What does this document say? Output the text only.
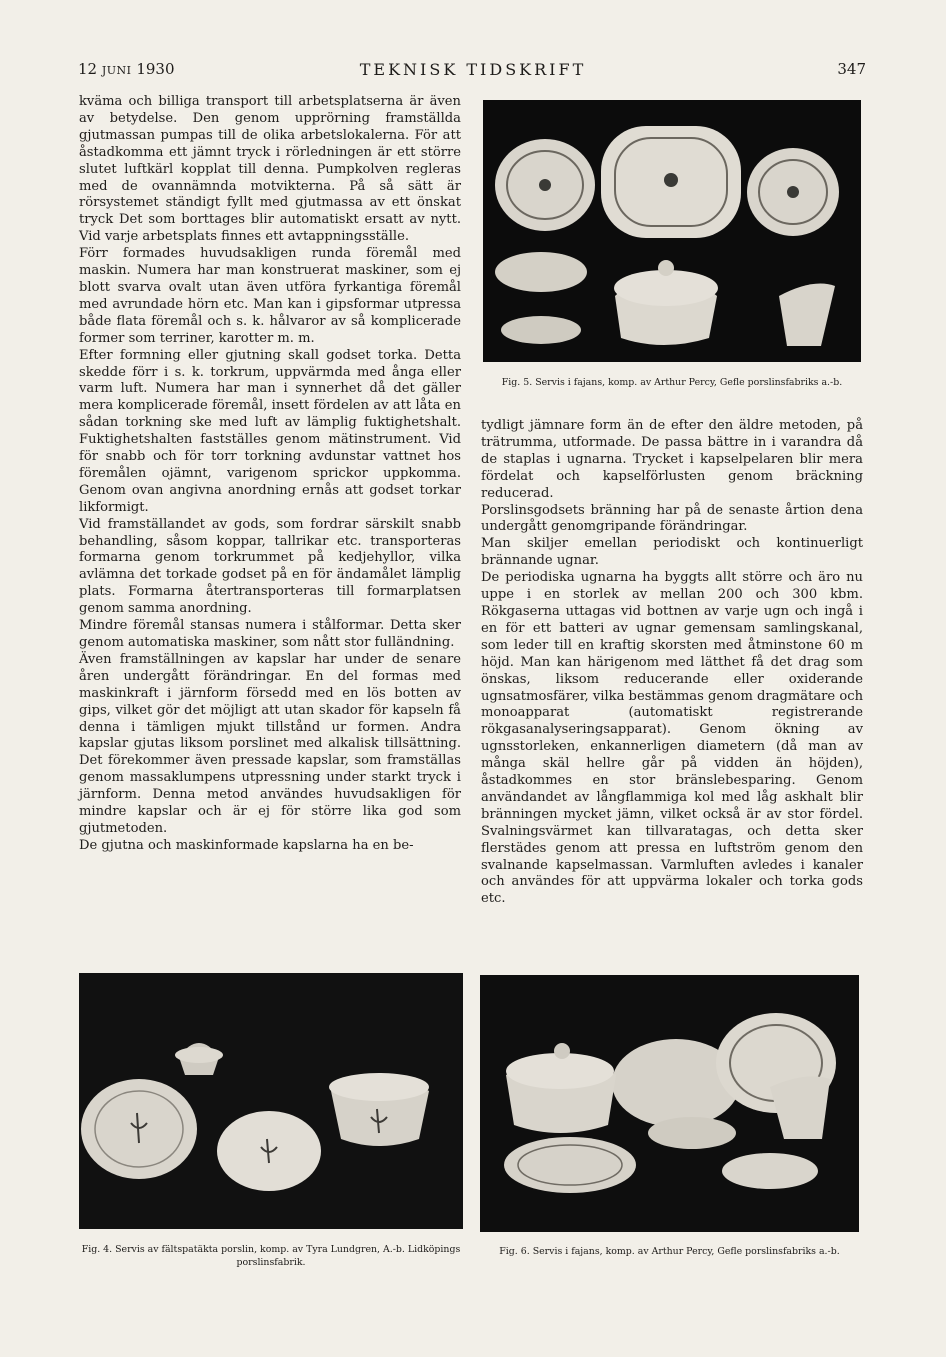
12 JUNI 1930	TEKNISK TIDSKRIFT	347

kväma och billiga transport till arbetsplatserna är även av betydelse. Den genom upprörning framställda gjutmassan pumpas till de olika arbetslokalerna. För att åstadkomma ett jämnt tryck i rörledningen är ett större slutet luftkärl kopplat till denna. Pumpkolven regleras med de ovannämnda motvikterna. På så sätt är rörsystemet ständigt fyllt med gjutmassa av ett önskat tryck Det som borttages blir automatiskt ersatt av nytt. Vid varje arbetsplats finnes ett avtappningsställe.

Förr formades huvudsakligen runda föremål med maskin. Numera har man konstruerat maskiner, som ej blott svarva ovalt utan även utföra fyrkantiga föremål med avrundade hörn etc. Man kan i gipsformar utpressa både flata föremål och s. k. hålvaror av så komplicerade former som terriner, karotter m. m.

Efter formning eller gjutning skall godset torka. Detta skedde förr i s. k. torkrum, uppvärmda med ånga eller varm luft. Numera har man i synnerhet då det gäller mera komplicerade föremål, insett fördelen av att låta en sådan torkning ske med luft av lämplig fuktighetshalt. Fuktighetshalten fastställes genom mätinstrument. Vid för snabb och för torr torkning avdunstar vattnet hos föremålen ojämnt, varigenom sprickor uppkomma. Genom ovan angivna anordning ernås att godset torkar likformigt.

Vid framställandet av gods, som fordrar särskilt snabb behandling, såsom koppar, tallrikar etc. transporteras formarna genom torkrummet på kedjehyllor, vilka avlämna det torkade godset på en för ändamålet lämplig plats. Formarna återtransporteras till formarplatsen genom samma anordning.

Mindre föremål stansas numera i stålformar. Detta sker genom automatiska maskiner, som nått stor fulländning.

Även framställningen av kapslar har under de senare åren undergått förändringar. En del formas med maskinkraft i järnform försedd med en lös botten av gips, vilket gör det möjligt att utan skador för kapseln få denna i tämligen mjukt tillstånd ur formen. Andra kapslar gjutas liksom porslinet med alkalisk tillsättning. Det förekommer även pressade kapslar, som framställas genom massaklumpens utpressning under starkt tryck i järnform. Denna metod användes huvudsakligen för mindre kapslar och är ej för större lika god som gjutmetoden.

De gjutna och maskinformade kapslarna ha en be-

Fig. 5. Servis i fajans, komp. av Arthur Percy, Gefle porslinsfabriks a.-b.

tydligt jämnare form än de efter den äldre metoden, på trätrumma, utformade. De passa bättre in i varandra då de staplas i ugnarna. Trycket i kapselpelaren blir mera fördelat och kapselförlusten genom bräckning reducerad.

Porslinsgodsets bränning har på de senaste årtion dena undergått genomgripande förändringar.

Man skiljer emellan periodiskt och kontinuerligt brännande ugnar.

De periodiska ugnarna ha byggts allt större och äro nu uppe i en storlek av mellan 200 och 300 kbm. Rökgaserna uttagas vid bottnen av varje ugn och ingå i en för ett batteri av ugnar gemensam samlingskanal, som leder till en kraftig skorsten med åtminstone 60 m höjd. Man kan härigenom med lätthet få det drag som önskas, liksom reducerande eller oxiderande ugnsatmosfärer, vilka bestämmas genom dragmätare och monoapparat (automatiskt registrerande rökgasanalyseringsapparat). Genom ökning av ugnsstorleken, enkannerligen diametern (då man av många skäl hellre går på vidden än höjden), åstadkommes en stor bränslebesparing. Genom användandet av långflammiga kol med låg askhalt blir bränningen mycket jämn, vilket också är av stor fördel. Svalningsvärmet kan tillvaratagas, och detta sker flerstädes genom att pressa en luftström genom den svalnande kapselmassan. Varmluften avledes i kanaler och användes för att uppvärma lokaler och torka gods etc.

Fig. 4. Servis av fältspatäkta porslin, komp. av Tyra Lundgren, A.-b. Lidköpings porslinsfabrik.
Fig. 6. Servis i fajans, komp. av Arthur Percy, Gefle porslinsfabriks a.-b.
